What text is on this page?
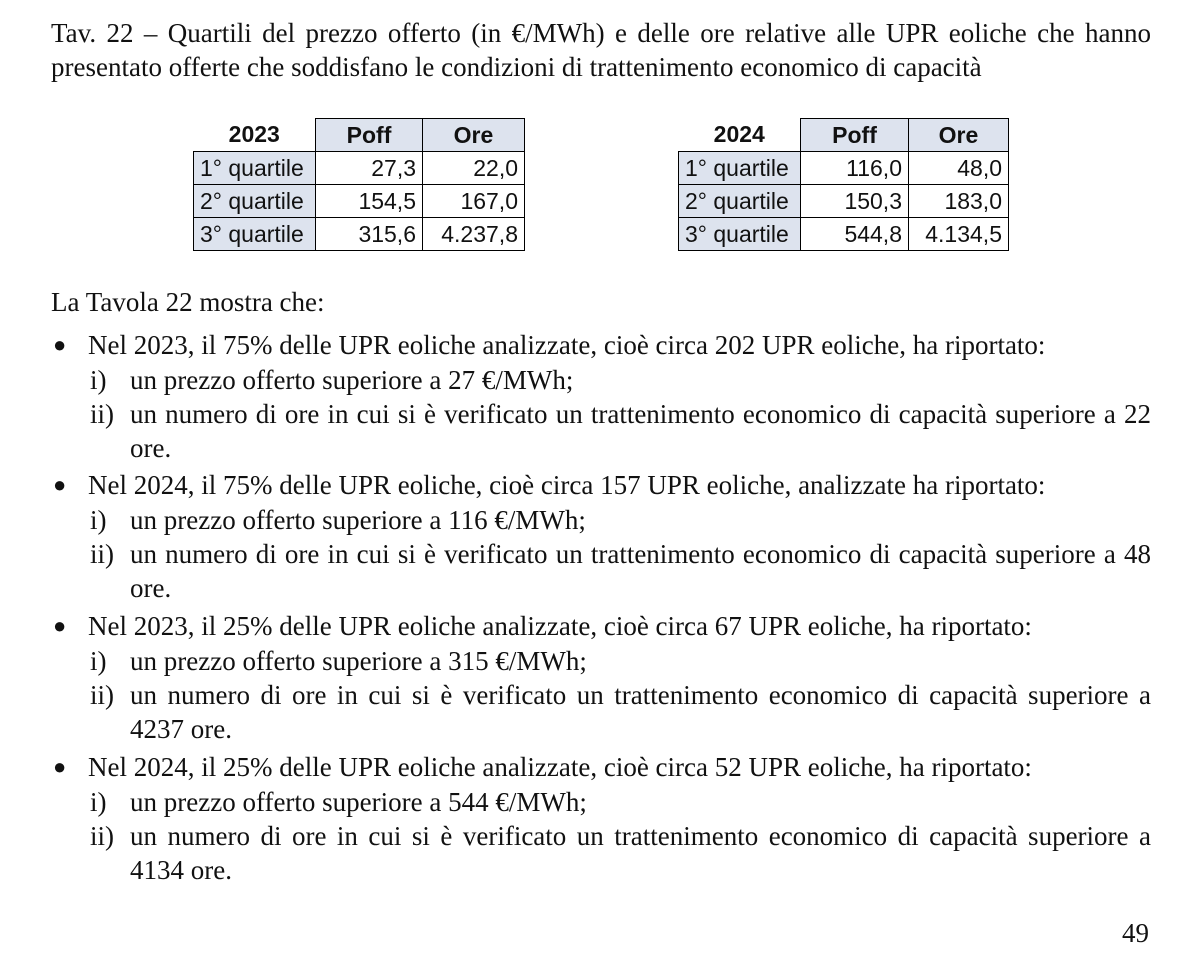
Tav. 22 – Quartili del prezzo offerto (in €/MWh) e delle ore relative alle UPR eoliche che hanno presentato offerte che soddisfano le condizioni di trattenimento economico di capacità
2023	Poff	Ore
1° quartile	27,3	22,0
2° quartile	154,5	167,0
3° quartile	315,6	4.237,8
2024	Poff	Ore
1° quartile	116,0	48,0
2° quartile	150,3	183,0
3° quartile	544,8	4.134,5
La Tavola 22 mostra che:
● Nel 2023, il 75% delle UPR eoliche analizzate, cioè circa 202 UPR eoliche, ha riportato:
i) un prezzo offerto superiore a 27 €/MWh;
ii) un numero di ore in cui si è verificato un trattenimento economico di capacità superiore a 22 ore.
● Nel 2024, il 75% delle UPR eoliche, cioè circa 157 UPR eoliche, analizzate ha riportato:
i) un prezzo offerto superiore a 116 €/MWh;
ii) un numero di ore in cui si è verificato un trattenimento economico di capacità superiore a 48 ore.
● Nel 2023, il 25% delle UPR eoliche analizzate, cioè circa 67 UPR eoliche, ha riportato:
i) un prezzo offerto superiore a 315 €/MWh;
ii) un numero di ore in cui si è verificato un trattenimento economico di capacità superiore a 4237 ore.
● Nel 2024, il 25% delle UPR eoliche analizzate, cioè circa 52 UPR eoliche, ha riportato:
i) un prezzo offerto superiore a 544 €/MWh;
ii) un numero di ore in cui si è verificato un trattenimento economico di capacità superiore a 4134 ore.
49
